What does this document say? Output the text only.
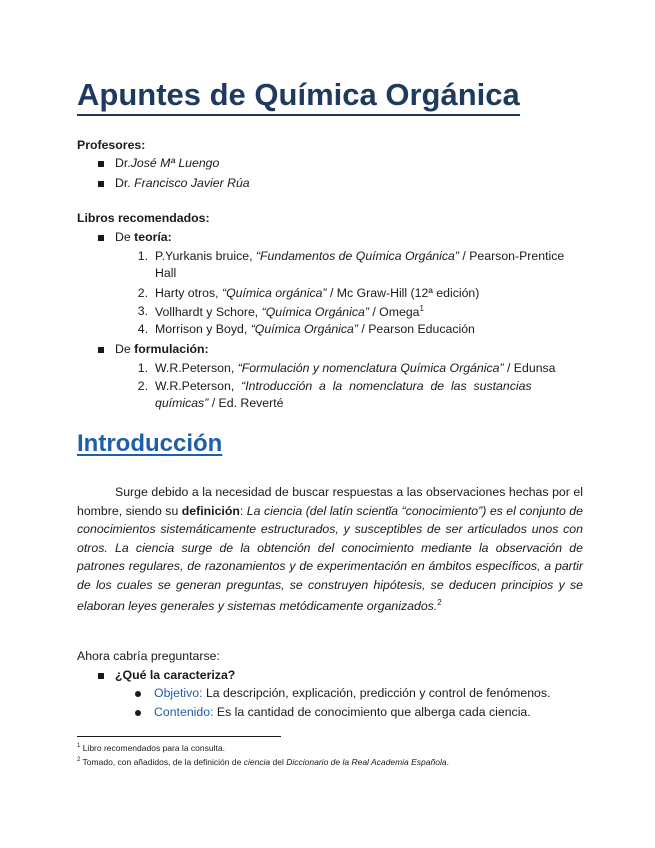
Apuntes de Química Orgánica
Profesores:
Dr.José Mª Luengo
Dr. Francisco Javier Rúa
Libros recomendados:
De teoría:
1. P.Yurkanis bruice, “Fundamentos de Química Orgánica” / Pearson-Prentice
Hall
2. Harty otros, “Química orgánica” / Mc Graw-Hill (12ª edición)
3. Vollhardt y Schore, “Química Orgánica” / Omega$^1$
4. Morrison y Boyd, “Química Orgánica” / Pearson Educación
De formulación:
1. W.R.Peterson, “Formulación y nomenclatura Química Orgánica” / Edunsa
2. W.R.Peterson,  “Introducción  a  la  nomenclatura  de  las  sustancias
químicas” / Ed. Reverté
Introducción
Surge debido a la necesidad de buscar respuestas a las observaciones hechas por el hombre, siendo su definición: La ciencia (del latín scientĭa “conocimiento”) es el conjunto de conocimientos sistemáticamente estructurados, y susceptibles de ser articulados unos con otros. La ciencia surge de la obtención del conocimiento mediante la observación de patrones regulares, de razonamientos y de experimentación en ámbitos específicos, a partir de los cuales se generan preguntas, se construyen hipótesis, se deducen principios y se elaboran leyes generales y sistemas metódicamente organizados.$^2$
Ahora cabría preguntarse:
¿Qué la caracteriza?
Objetivo: La descripción, explicación, predicción y control de fenómenos.
Contenido: Es la cantidad de conocimiento que alberga cada ciencia.
$^1$ Libro recomendados para la consulta.
$^2$ Tomado, con añadidos, de la definición de ciencia del Diccionario de la Real Academia Española.
